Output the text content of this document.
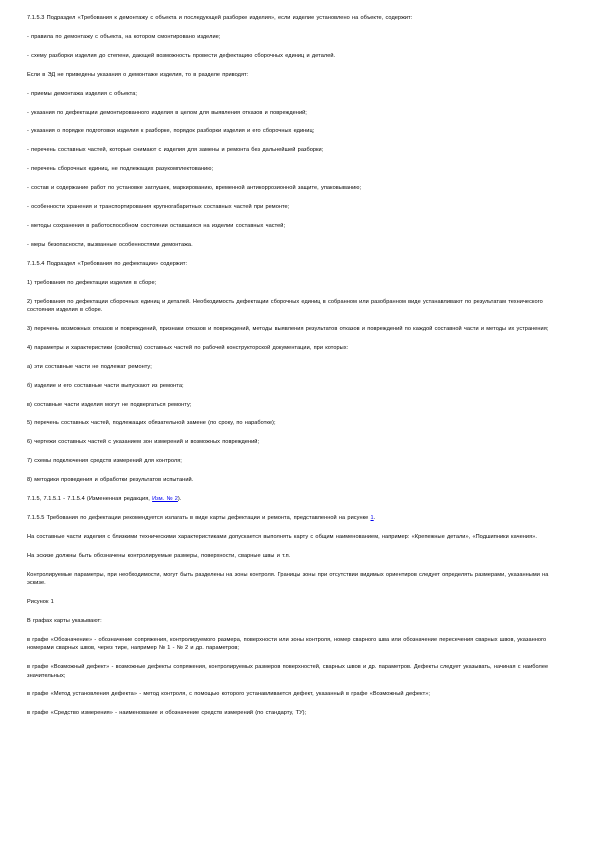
7.1.5.3 Подраздел «Требования к демонтажу с объекта и последующей разборке изделия», если изделие установлено на объекте, содержит:

- правила по демонтажу с объекта, на котором смонтировано изделие;

- схему разборки изделия до степени, дающей возможность провести дефектацию сборочных единиц и деталей.

Если в ЭД не приведены указания о демонтаже изделия, то в разделе приводят:

- приемы демонтажа изделия с объекта;

- указания по дефектации демонтированного изделия в целом для выявления отказов и повреждений;

- указания о порядке подготовки изделия к разборке, порядок разборки изделия и его сборочных единиц;

- перечень составных частей, которые снимают с изделия для замены и ремонта без дальнейшей разборки;

- перечень сборочных единиц, не подлежащих разукомплектованию;

- состав и содержание работ по установке заглушек, маркированию, временной антикоррозионной защите, упаковыванию;

- особенности хранения и транспортирования крупногабаритных составных частей при ремонте;

- методы сохранения в работоспособном состоянии оставшихся на изделии составных частей;

- меры безопасности, вызванные особенностями демонтажа.

7.1.5.4 Подраздел «Требования по дефектации» содержит:

1) требования по дефектации изделия в сборе;

2) требования по дефектации сборочных единиц и деталей. Необходимость дефектации сборочных единиц в собранном или разобранном виде устанавливают по результатам технического состояния изделия в сборе.

3) перечень возможных отказов и повреждений, признаки отказов и повреждений, методы выявления результатов отказов и повреждений по каждой составной части и методы их устранения;

4) параметры и характеристики (свойства) составных частей по рабочей конструкторской документации, при которых:

а) эти составные части не подлежат ремонту;

б) изделие и его составные части выпускают из ремонта;

в) составные части изделия могут не подвергаться ремонту;

5) перечень составных частей, подлежащих обязательной замене (по сроку, по наработке);

6) чертежи составных частей с указанием зон измерений и возможных повреждений;

7) схемы подключения средств измерений для контроля;

8) методики проведения и обработки результатов испытаний.

7.1.5, 7.1.5.1 - 7.1.5.4 (Измененная редакция, Изм. № 2).

7.1.5.5 Требования по дефектации рекомендуется излагать в виде карты дефектации и ремонта, представленной на рисунке 1.

На составные части изделия с близкими техническими характеристиками допускается выполнять карту с общим наименованием, например: «Крепежные детали», «Подшипники качения».

На эскизе должны быть обозначены контролируемые размеры, поверхности, сварные швы и т.п.

Контролируемые параметры, при необходимости, могут быть разделены на зоны контроля. Границы зоны при отсутствии видимых ориентиров следует определять размерами, указанными на эскизе.

Рисунок 1

В графах карты указывают:

в графе «Обозначение» - обозначение сопряжения, контролируемого размера, поверхности или зоны контроля, номер сварного шва или обозначение пересечения сварных швов, указанного номерами сварных швов, через тире, например № 1 - № 2 и др. параметров;

в графе «Возможный дефект» - возможные дефекты сопряжения, контролируемых размеров поверхностей, сварных швов и др. параметров. Дефекты следует указывать, начиная с наиболее значительных;

в графе «Метод установления дефекта» - метод контроля, с помощью которого устанавливается дефект, указанный в графе «Возможный дефект»;

в графе «Средство измерения» - наименование и обозначение средств измерений (по стандарту, ТУ);
